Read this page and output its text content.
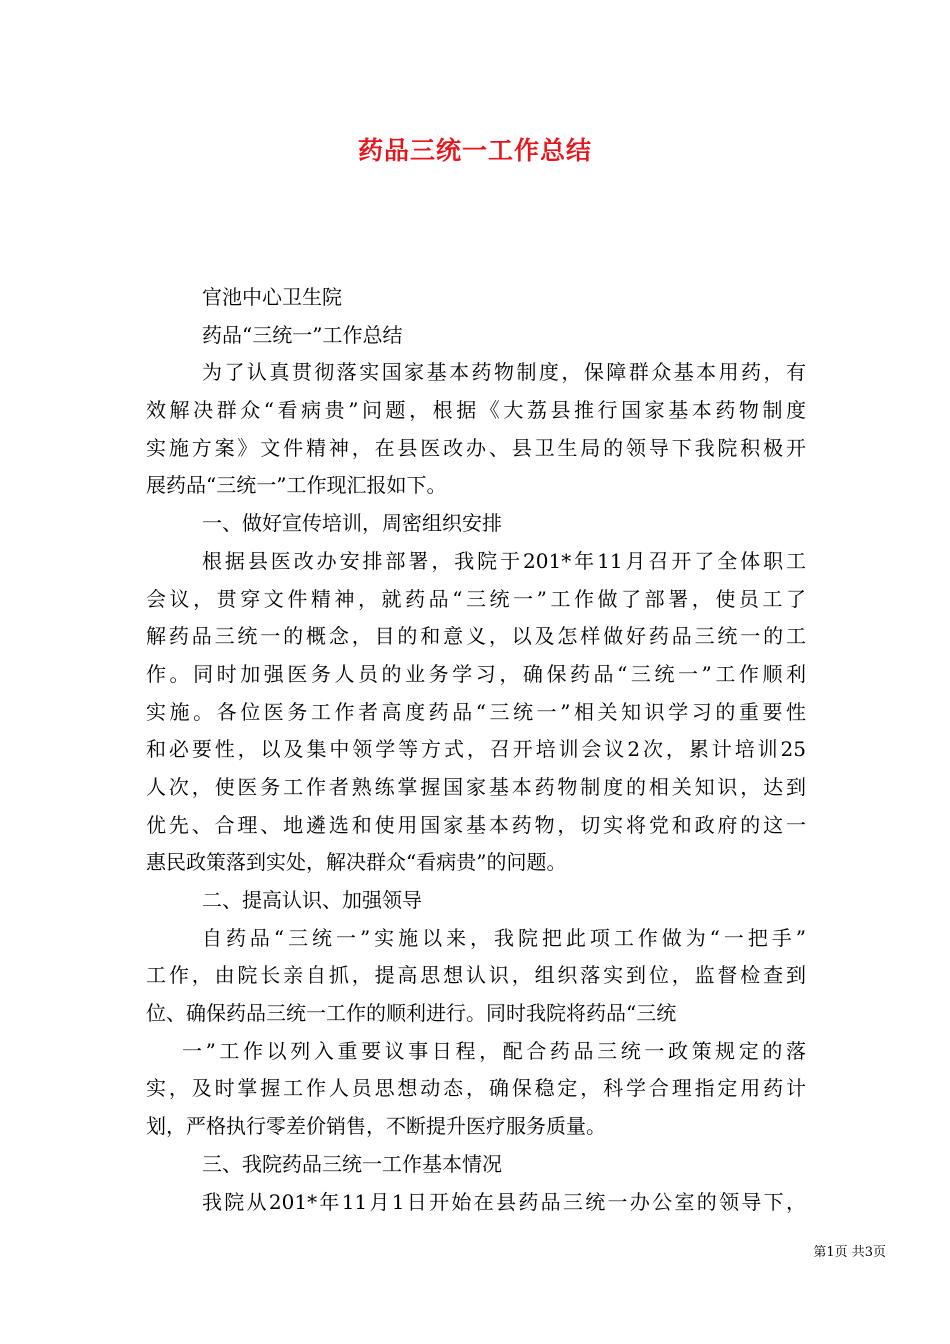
药品三统一工作总结
官池中心卫生院
药品“三统一”工作总结
为了认真贯彻落实国家基本药物制度，保障群众基本用药，有
效解决群众“看病贵”问题，根据《大荔县推行国家基本药物制度
实施方案》文件精神，在县医改办、县卫生局的领导下我院积极开
展药品“三统一”工作现汇报如下。
一、做好宣传培训，周密组织安排
根据县医改办安排部署，我院于201*年11月召开了全体职工
会议，贯穿文件精神，就药品“三统一”工作做了部署，使员工了
解药品三统一的概念，目的和意义，以及怎样做好药品三统一的工
作。同时加强医务人员的业务学习，确保药品“三统一”工作顺利
实施。各位医务工作者高度药品“三统一”相关知识学习的重要性
和必要性，以及集中领学等方式，召开培训会议2次，累计培训25
人次，使医务工作者熟练掌握国家基本药物制度的相关知识，达到
优先、合理、地遴选和使用国家基本药物，切实将党和政府的这一
惠民政策落到实处，解决群众“看病贵”的问题。
二、提高认识、加强领导
自药品“三统一”实施以来，我院把此项工作做为“一把手”
工作，由院长亲自抓，提高思想认识，组织落实到位，监督检查到
位、确保药品三统一工作的顺利进行。同时我院将药品“三统
一”工作以列入重要议事日程，配合药品三统一政策规定的落
实，及时掌握工作人员思想动态，确保稳定，科学合理指定用药计
划，严格执行零差价销售，不断提升医疗服务质量。
三、我院药品三统一工作基本情况
我院从201*年11月1日开始在县药品三统一办公室的领导下，
第1页 共3页
